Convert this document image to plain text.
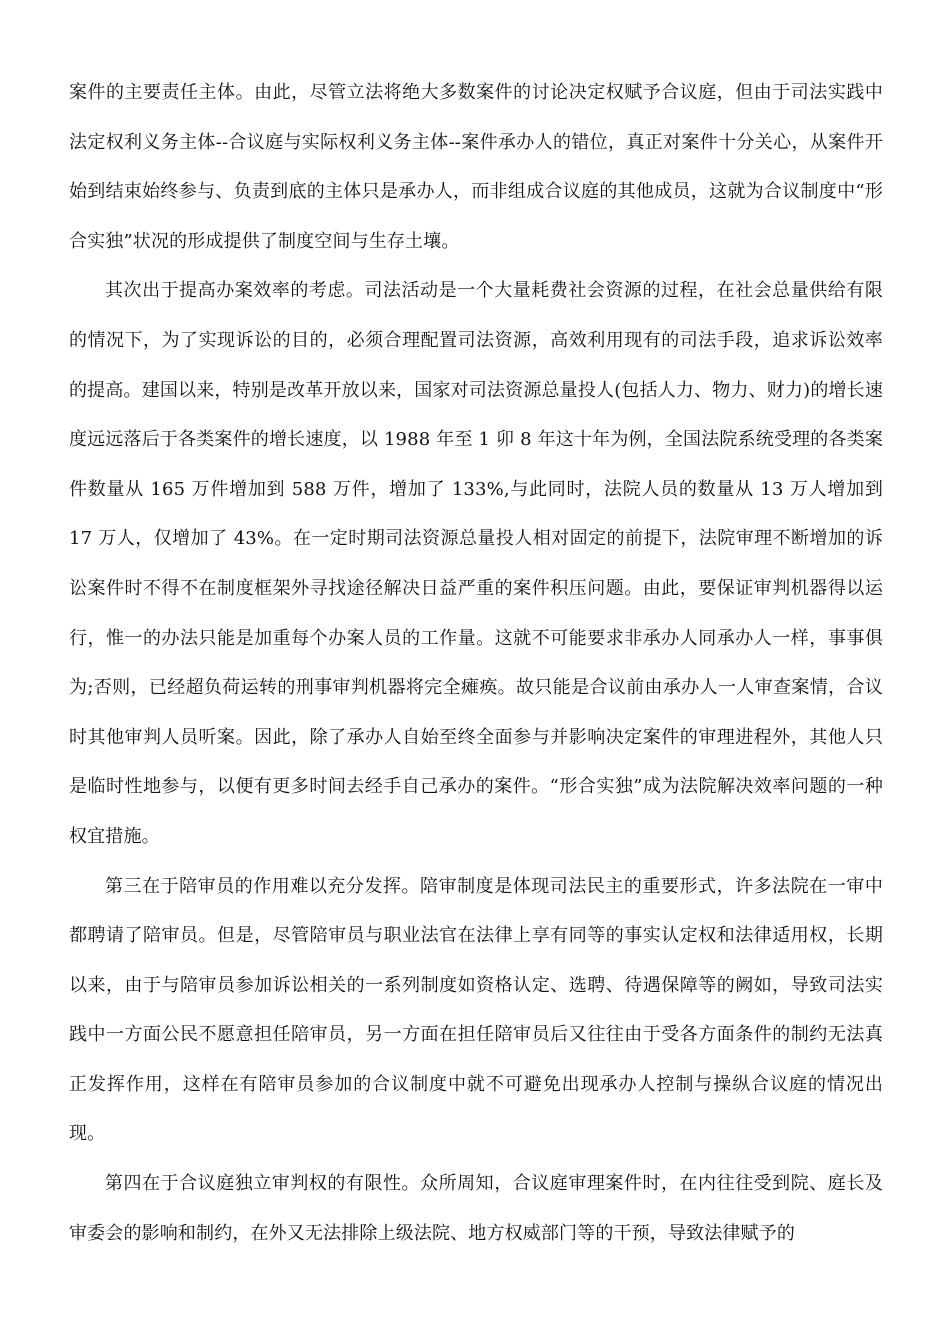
案件的主要责任主体。由此，尽管立法将绝大多数案件的讨论决定权赋予合议庭，但由于司法实践中法定权利义务主体--合议庭与实际权利义务主体--案件承办人的错位，真正对案件十分关心，从案件开始到结束始终参与、负责到底的主体只是承办人，而非组成合议庭的其他成员，这就为合议制度中“形合实独”状况的形成提供了制度空间与生存土壤。

其次出于提高办案效率的考虑。司法活动是一个大量耗费社会资源的过程，在社会总量供给有限的情况下，为了实现诉讼的目的，必须合理配置司法资源，高效利用现有的司法手段，追求诉讼效率的提高。建国以来，特别是改革开放以来，国家对司法资源总量投人(包括人力、物力、财力)的增长速度远远落后于各类案件的增长速度，以 1988 年至 1 卯 8 年这十年为例，全国法院系统受理的各类案件数量从 165 万件增加到 588 万件，增加了 133%,与此同时，法院人员的数量从 13 万人增加到 17 万人，仅增加了 43%。在一定时期司法资源总量投人相对固定的前提下，法院审理不断增加的诉讼案件时不得不在制度框架外寻找途径解决日益严重的案件积压问题。由此，要保证审判机器得以运行，惟一的办法只能是加重每个办案人员的工作量。这就不可能要求非承办人同承办人一样，事事俱为;否则，已经超负荷运转的刑事审判机器将完全瘫痪。故只能是合议前由承办人一人审查案情，合议时其他审判人员听案。因此，除了承办人自始至终全面参与并影响决定案件的审理进程外，其他人只是临时性地参与，以便有更多时间去经手自己承办的案件。“形合实独”成为法院解决效率问题的一种权宜措施。

第三在于陪审员的作用难以充分发挥。陪审制度是体现司法民主的重要形式，许多法院在一审中都聘请了陪审员。但是，尽管陪审员与职业法官在法律上享有同等的事实认定权和法律适用权，长期以来，由于与陪审员参加诉讼相关的一系列制度如资格认定、选聘、待遇保障等的阙如，导致司法实践中一方面公民不愿意担任陪审员，另一方面在担任陪审员后又往往由于受各方面条件的制约无法真正发挥作用，这样在有陪审员参加的合议制度中就不可避免出现承办人控制与操纵合议庭的情况出现。

第四在于合议庭独立审判权的有限性。众所周知，合议庭审理案件时，在内往往受到院、庭长及审委会的影响和制约，在外又无法排除上级法院、地方权威部门等的干预，导致法律赋予的
